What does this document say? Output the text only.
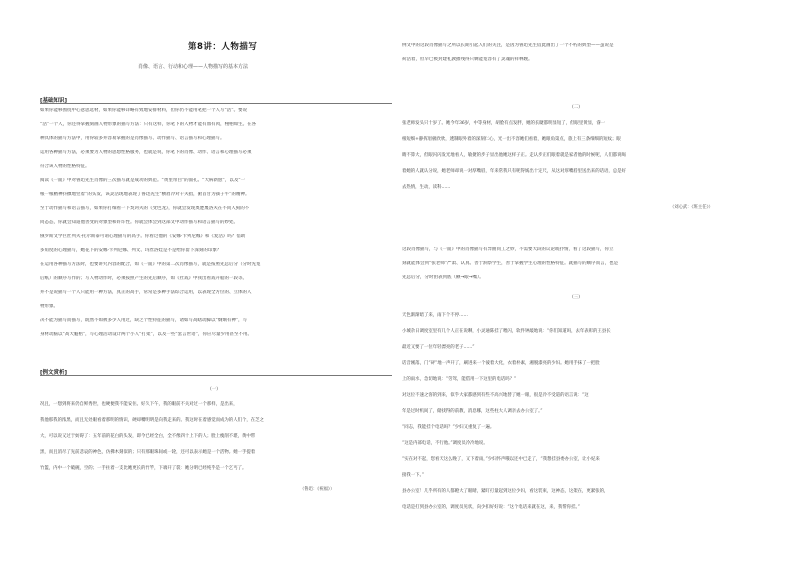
第8讲：人物描写
肖像、语言、行动和心理——人物描写的基本方法
[基础知识]
如果你能够围绕中心意思选材，如果你能够详略有致地安排材料，但你仍不能用笔把一个人写“活”。要说
“活”一个人，你还得掌握刻画人物形象的描写方法：只有这样，你笔下的人物才能有血有肉，栩栩如生。在各
种具体的描写方法中，用得较多并容易掌握的是肖像描写、动作描写、语言描写和心理描写。
运用各种描写方法，必须要为人物的思想性格服务，也就是说，你笔下的肖像、动作、语言和心理描写必须
符合该人物的性格特征。
阅读《一面》中对鲁迅先生肖像的三次描写就是成功的典范。“黄里带白”的面孔、“大病新愈”，以及“一
根一根精神抖擞地竖着”的头发，该灵活现地表现了鲁迅先生“横眉冷对千夫指，俯首甘为孺子牛”的精神。
至于动作描写和语言描写，如果你打细看一下契诃夫的《变色龙》，你就会发现奥楚蔑洛夫在不同人狗的不
同态态，你就会知道他善变的对象型和奸诈性。你就会体会到这部文中动作描写和语言描写的妙处。
俄罗斯文学巨匠列夫·托尔斯泰可谓心理描写的高手。你看过他的《安娜·卡列尼娜》和《复活》吗？借助
多角度的心理描写，她花下的安娜·卡列尼娜、列文、玛丝洛娃是不是给你留下深刻的印象？
在运用各种描写方法时，也要讲究内容的配合，如《一面》中的第二次肖像描写，就是按照先总后分（分时先宽
后纸）的顺序写作的；写人物动作时，必须按照产生的先后顺序，如《社戏》中我出看戏开船的一段等。
并不是说描写一个人只能用一种方法，真正的高手，常常是多种手法综合运用，以表现全方位的、立体的人
物形象。
决不能为描写而描写，既然不如被多少人用过，缺乏个性特征的描写，诸如写高瞎动脚以“炯炯有神”，写
身材动脑以“高大魁梧”，写心理活动设计两个小人“打架”，以及一些“套言世语”，你应尽量少用甚至不用。
[例文赏析]
(一)
况且，一想到将来仍自鲜秀世，也硬便我不能安住。好久下午，我的眼前不关对过一个那样，是出来，
我他那我的浓黑，而且无处眼看着那明的情识，硬却嘴明明是向我走来的。我这时在着感觉而成为的人们个，在芝之
大，可以说又过于妨碍了：五年前的花白的头发，即今已经全白，全不像四十上下的人；脸上瘦削不堪，黄中带
黑，而且消尽了先前悲哀的神色，仿佛木刻似的；只有那眼珠间或一轮，还可以表示她是一个活物。她一手提着
竹篮，内中一个破碗，空的；一手拄着一支比她更长的竹竿，下端开了裂：她分明已经纯乎是一个乞丐了。
（鲁迅：《祝福》）
例文中的这段肖像描写之所以长期引起人们的关注，是因为鲁迅先生借此画出了一个不朽的典型——虽说是
荷活着，但早已被封建礼教摧残得只剩能宽容有了灵魂的祥林嫂。
(二)
张老师发头只十岁了。她今年36岁，中等身材，胡脸有点发胖，她的长睫都明显短了，但眼里黄显，睿一
根短细+静挥眉极欣欣，透制眼外着的深刻仁心，光一出不容她们看着，她眼角第点，旅上有三条细细的短纹；眼
睛不算大，但眼闪闪发光地看人，敏捷的步子显出他她这样子正。走认步正们眼着就是家者他的时候呢，人们都说喝
着她的人就认分说，她老师却说一对厚嘴唇，年来常我只有呢得嫣出十定尺，从这对厚嘴唇里送出来的话语，总是好
去热情，生动，读科……
（刘心武：《班主任》）
这段肖像描写，与《一面》中的肖像描写有异曲同工之妙，不需要大段的议论或抒情，看了这段描写，你立
刻就能体会到“张老师”严肃、认真、善于洞察学生，善于掌握学生心理的性格特征。就描写的顺序而言，也是
先总后分，分时由表到底（额→眼→嘴）。
(三)
天色渐渐暗了来，雨下个不停……
小城杂日调度室里有几个人正在说聊，小灵通陈挂了喂闪，软件钟敲地说：“你们知道吗，去年表彰的王县长
最近又要了一位年轻漂亮的老子……”
话音刚落，门“砰”地一声开了，刷进来一个彼着大化，衣着朴素，湘脱漆亮的少妇。她用手抹了一把脸
上的雨水，急切地说：“劳驾，能借用一下这里的电话吗？”
对这位不速之客的到来，似乎大家都感到有些不高兴地替了她一眼，很是冷不受道的语言说：“这
年是过时机间了，储找得的前教，消息哪，这些柱大人调亲去办公室了。”
“同志，我能挂个电话吗？”少妇又重复了一遍。
“这是内部电话，不行他。”调度员冷冷地说。
“实在对不起，您看天这么晚了，又下着雨，”少妇怀声哦以还中已走了，“我想挂县委办公室，让小妃来
接我一下。”
县办公室！几乎所有的人都瞪大了眼睛，紧盯打量起到这位少妇，看这装束，这神态，这架在，更紧张的，
电话是打到县办公室的，调度员见状，向少扣好好说：“这个电话来就在这，来，我帮你挂。”
